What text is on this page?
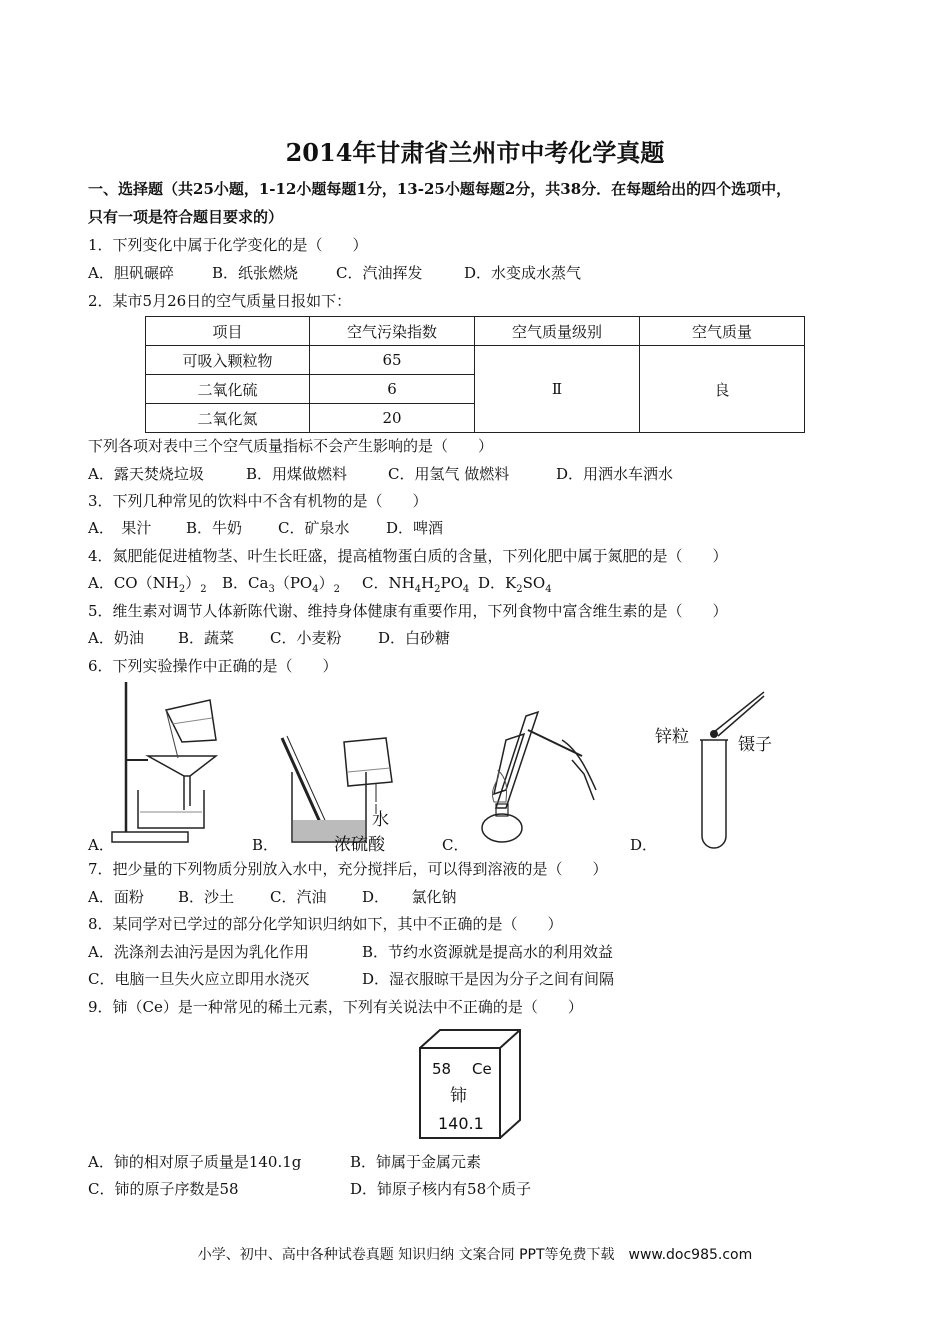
2014年甘肃省兰州市中考化学真题
一、选择题（共25小题，1-12小题每题1分，13-25小题每题2分，共38分．在每题给出的四个选项中，
只有一项是符合题目要求的）
1．下列变化中属于化学变化的是（　　）
A．胆矾碾碎	B．纸张燃烧	C．汽油挥发	D．水变成水蒸气
2．某市5月26日的空气质量日报如下：
项目	空气污染指数	空气质量级别	空气质量
可吸入颗粒物	65	Ⅱ	良
二氧化硫	6		
二氧化氮	20		
下列各项对表中三个空气质量指标不会产生影响的是（　　）
A．露天焚烧垃圾	B．用煤做燃料	C．用氢气 做燃料	D．用洒水车洒水
3．下列几种常见的饮料中不含有机物的是（　　）
A．　果汁 B．牛奶 C．矿泉水 D．啤酒
4．氮肥能促进植物茎、叶生长旺盛，提高植物蛋白质的含量，下列化肥中属于氮肥的是（　　）
A．$CO(NH_2)_2$ B．$Ca_3(PO_4)_2$ C．$NH_4H_2PO_4$ D．$K_2SO_4$
5．维生素对调节人体新陈代谢、维持身体健康有重要作用，下列食物中富含维生素的是（　　）
A．奶油 B．蔬菜 C．小麦粉 D．白砂糖
6．下列实验操作中正确的是（　　）
A．
水
浓硫酸
B．	C．
锌粒	镊子
D．
7．把少量的下列物质分别放入水中，充分搅拌后，可以得到溶液的是（　　）
A．面粉 B．沙土 C．汽油 D．　　氯化钠
8．某同学对已学过的部分化学知识归纳如下，其中不正确的是（　　）
A．洗涤剂去油污是因为乳化作用	B．节约水资源就是提高水的利用效益
C．电脑一旦失火应立即用水浇灭	D．湿衣服晾干是因为分子之间有间隔
9．铈（Ce）是一种常见的稀土元素，下列有关说法中不正确的是（　　）
58 Ce
铈
140.1
A．铈的相对原子质量是140.1g	B．铈属于金属元素
C．铈的原子序数是58	D．铈原子核内有58个质子
小学、初中、高中各种试卷真题 知识归纳 文案合同 PPT等免费下载　www.doc985.com
